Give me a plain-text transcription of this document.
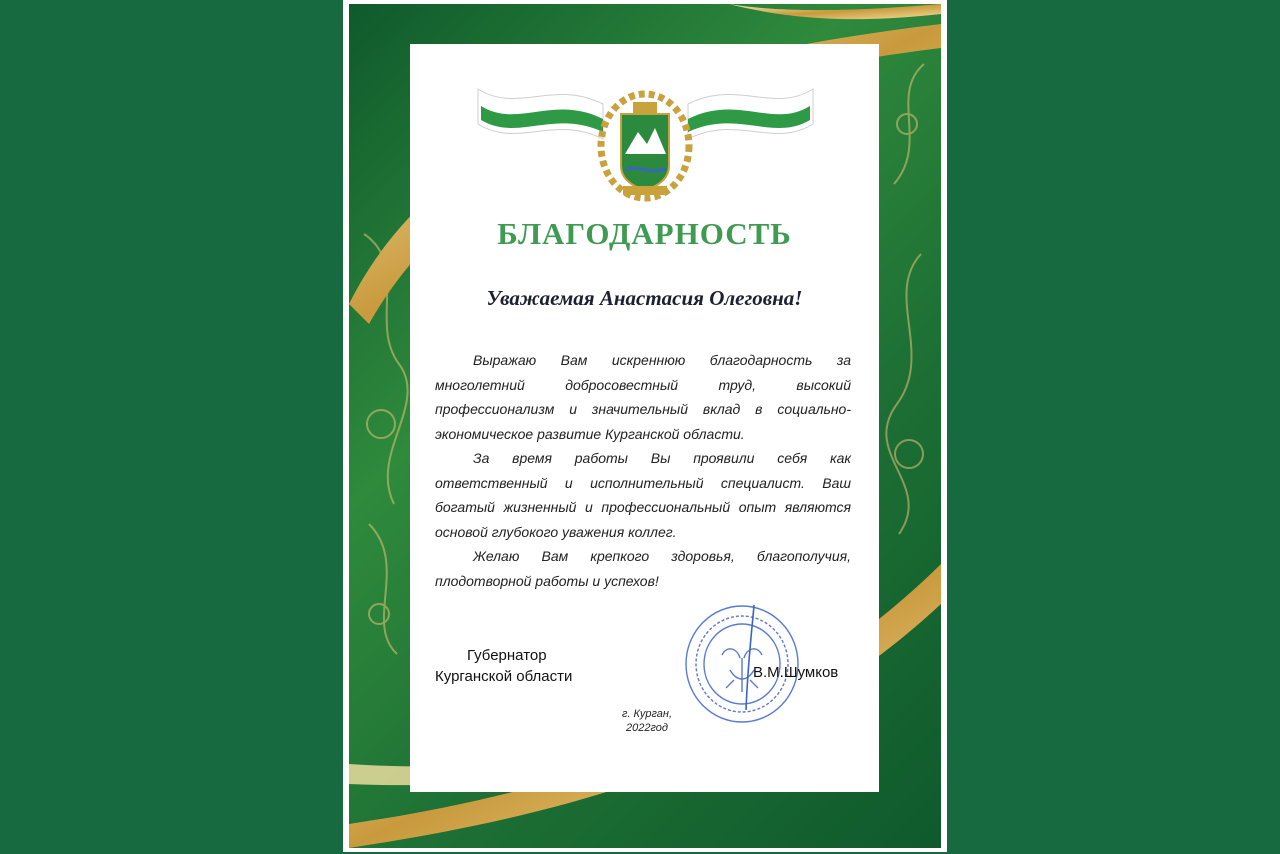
БЛАГОДАРНОСТЬ
Уважаемая Анастасия Олеговна!

Выражаю Вам искреннюю благодарность за многолетний добросовестный труд, высокий профессионализм и значительный вклад в социально-экономическое развитие Курганской области.

За время работы Вы проявили себя как ответственный и исполнительный специалист. Ваш богатый жизненный и профессиональный опыт являются основой глубокого уважения коллег.

Желаю Вам крепкого здоровья, благополучия, плодотворной работы и успехов!

Губернатор
Курганской области	В.М.Шумков
г. Курган,
2022год
